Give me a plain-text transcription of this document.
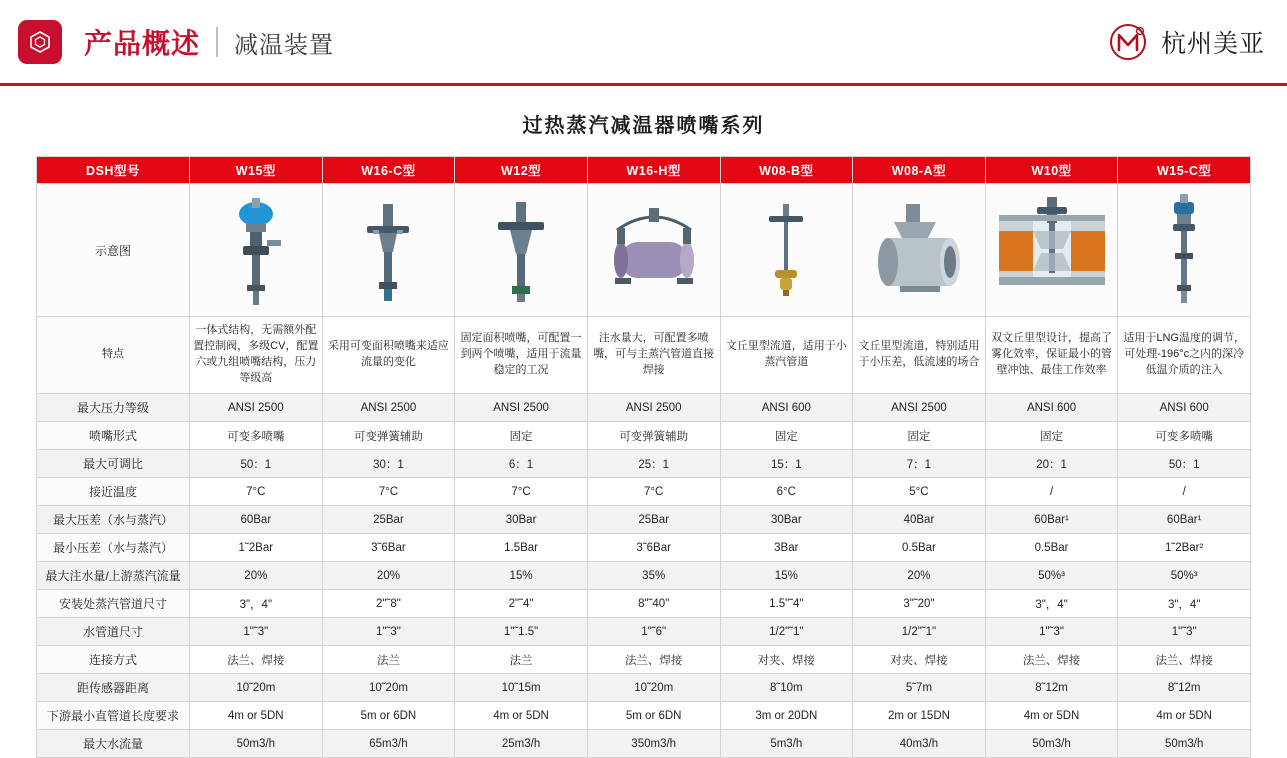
产品概述 减温装置	杭州美亚
过热蒸汽减温器喷嘴系列
DSH型号	W15型	W16-C型	W12型	W16-H型	W08-B型	W08-A型	W10型	W15-C型
示意图	

特点	一体式结构，无需额外配置控制阀，多级CV，配置六或九组喷嘴结构，压力等级高	采用可变面积喷嘴来适应流量的变化	固定面积喷嘴，可配置一到两个喷嘴，适用于流量稳定的工况	注水量大，可配置多喷嘴，可与主蒸汽管道直接焊接	文丘里型流道，适用于小蒸汽管道	文丘里型流道，特别适用于小压差，低流速的场合	双文丘里型设计，提高了雾化效率，保证最小的管壁冲蚀、最佳工作效率	适用于LNG温度的调节，可处理-196°c之内的深冷低温介质的注入
最大压力等级	ANSI 2500	ANSI 2500	ANSI 2500	ANSI 2500	ANSI 600	ANSI 2500	ANSI 600	ANSI 600
喷嘴形式	可变多喷嘴	可变弹簧辅助	固定	可变弹簧辅助	固定	固定	固定	可变多喷嘴
最大可调比	50：1	30：1	6：1	25：1	15：1	7：1	20：1	50：1
接近温度	7°C	7°C	7°C	7°C	6°C	5°C	/	/
最大压差（水与蒸汽）	60Bar	25Bar	30Bar	25Bar	30Bar	40Bar	60Bar¹	60Bar¹
最小压差（水与蒸汽）	1˜2Bar	3˜6Bar	1.5Bar	3˜6Bar	3Bar	0.5Bar	0.5Bar	1˜2Bar²
最大注水量/上游蒸汽流量	20%	20%	15%	35%	15%	20%	50%³	50%³
安装处蒸汽管道尺寸	3"，4"	2"˜8"	2"˜4"	8"˜40"	1.5"˜4"	3"˜20"	3"，4"	3"，4"
水管道尺寸	1"˜3"	1"˜3"	1"˜1.5"	1"˜6"	1/2"˜1"	1/2"˜1"	1"˜3"	1"˜3"
连接方式	法兰、焊接	法兰	法兰	法兰、焊接	对夹、焊接	对夹、焊接	法兰、焊接	法兰、焊接
距传感器距离	10˜20m	10˜20m	10˜15m	10˜20m	8˜10m	5˜7m	8˜12m	8˜12m
下游最小直管道长度要求	4m or 5DN	5m or 6DN	4m or 5DN	5m or 6DN	3m or 20DN	2m or 15DN	4m or 5DN	4m or 5DN
最大水流量	50m3/h	65m3/h	25m3/h	350m3/h	5m3/h	40m3/h	50m3/h	50m3/h
